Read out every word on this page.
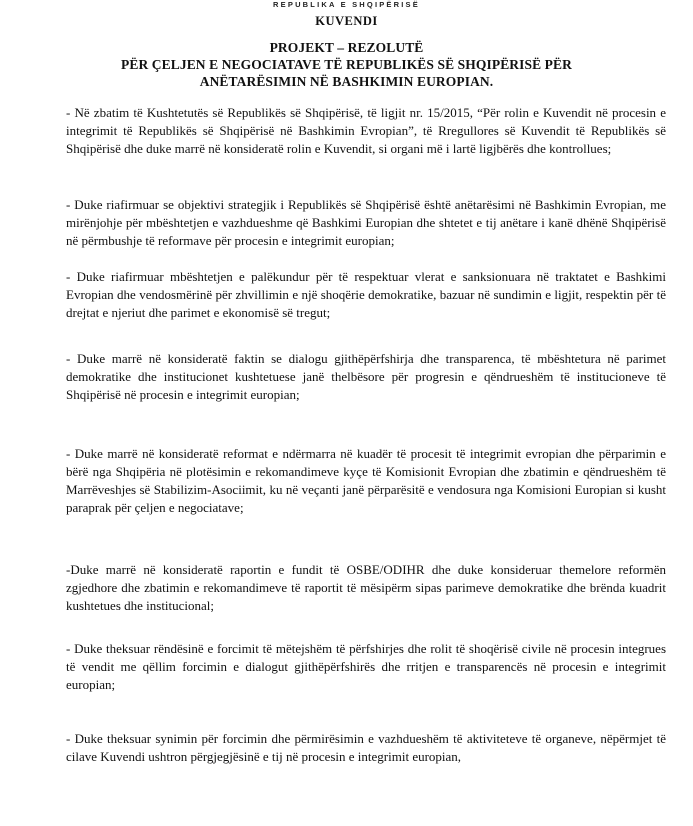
REPUBLIKA E SHQIPËRISË
KUVENDI
PROJEKT – REZOLUTË
PËR ÇELJEN E NEGOCIATAVE TË REPUBLIKËS SË SHQIPËRISË PËR
ANËTARËSIMIN NË BASHKIMIN EUROPIAN.

- Në zbatim të Kushtetutës së Republikës së Shqipërisë, të ligjit nr. 15/2015, “Për rolin e Kuvendit në procesin e integrimit të Republikës së Shqipërisë në Bashkimin Evropian”, të Rregullores së Kuvendit të Republikës së Shqipërisë dhe duke marrë në konsideratë rolin e Kuvendit, si organi më i lartë ligjbërës dhe kontrollues;

- Duke riafirmuar se objektivi strategjik i Republikës së Shqipërisë është anëtarësimi në Bashkimin Evropian, me mirënjohje për mbështetjen e vazhdueshme që Bashkimi Europian dhe shtetet e tij anëtare i kanë dhënë Shqipërisë në përmbushje të reformave për procesin e integrimit europian;

- Duke riafirmuar mbështetjen e palëkundur për të respektuar vlerat e sanksionuara në traktatet e Bashkimi Evropian dhe vendosmërinë për zhvillimin e një shoqërie demokratike, bazuar në sundimin e ligjit, respektin për të drejtat e njeriut dhe parimet e ekonomisë së tregut;

- Duke marrë në konsideratë faktin se dialogu gjithëpërfshirja dhe transparenca, të mbështetura në parimet demokratike dhe institucionet kushtetuese janë thelbësore për progresin e qëndrueshëm të institucioneve të Shqipërisë në procesin e integrimit europian;

- Duke marrë në konsideratë reformat e ndërmarra në kuadër të procesit të integrimit evropian dhe përparimin e bërë nga Shqipëria në plotësimin e rekomandimeve kyçe të Komisionit Evropian dhe zbatimin e qëndrueshëm të Marrëveshjes së Stabilizim-Asociimit, ku në veçanti janë përparësitë e vendosura nga Komisioni Europian si kusht paraprak për çeljen e negociatave;

-Duke marrë në konsideratë raportin e fundit të OSBE/ODIHR dhe duke konsideruar themelore reformën zgjedhore dhe zbatimin e rekomandimeve të raportit të mësipërm sipas parimeve demokratike dhe brënda kuadrit kushtetues dhe institucional;

- Duke theksuar rëndësinë e forcimit të mëtejshëm të përfshirjes dhe rolit të shoqërisë civile në procesin integrues të vendit me qëllim forcimin e dialogut gjithëpërfshirës dhe rritjen e transparencës në procesin e integrimit europian;

- Duke theksuar synimin për forcimin dhe përmirësimin e vazhdueshëm të aktiviteteve të organeve, nëpërmjet të cilave Kuvendi ushtron përgjegjësinë e tij në procesin e integrimit europian,
